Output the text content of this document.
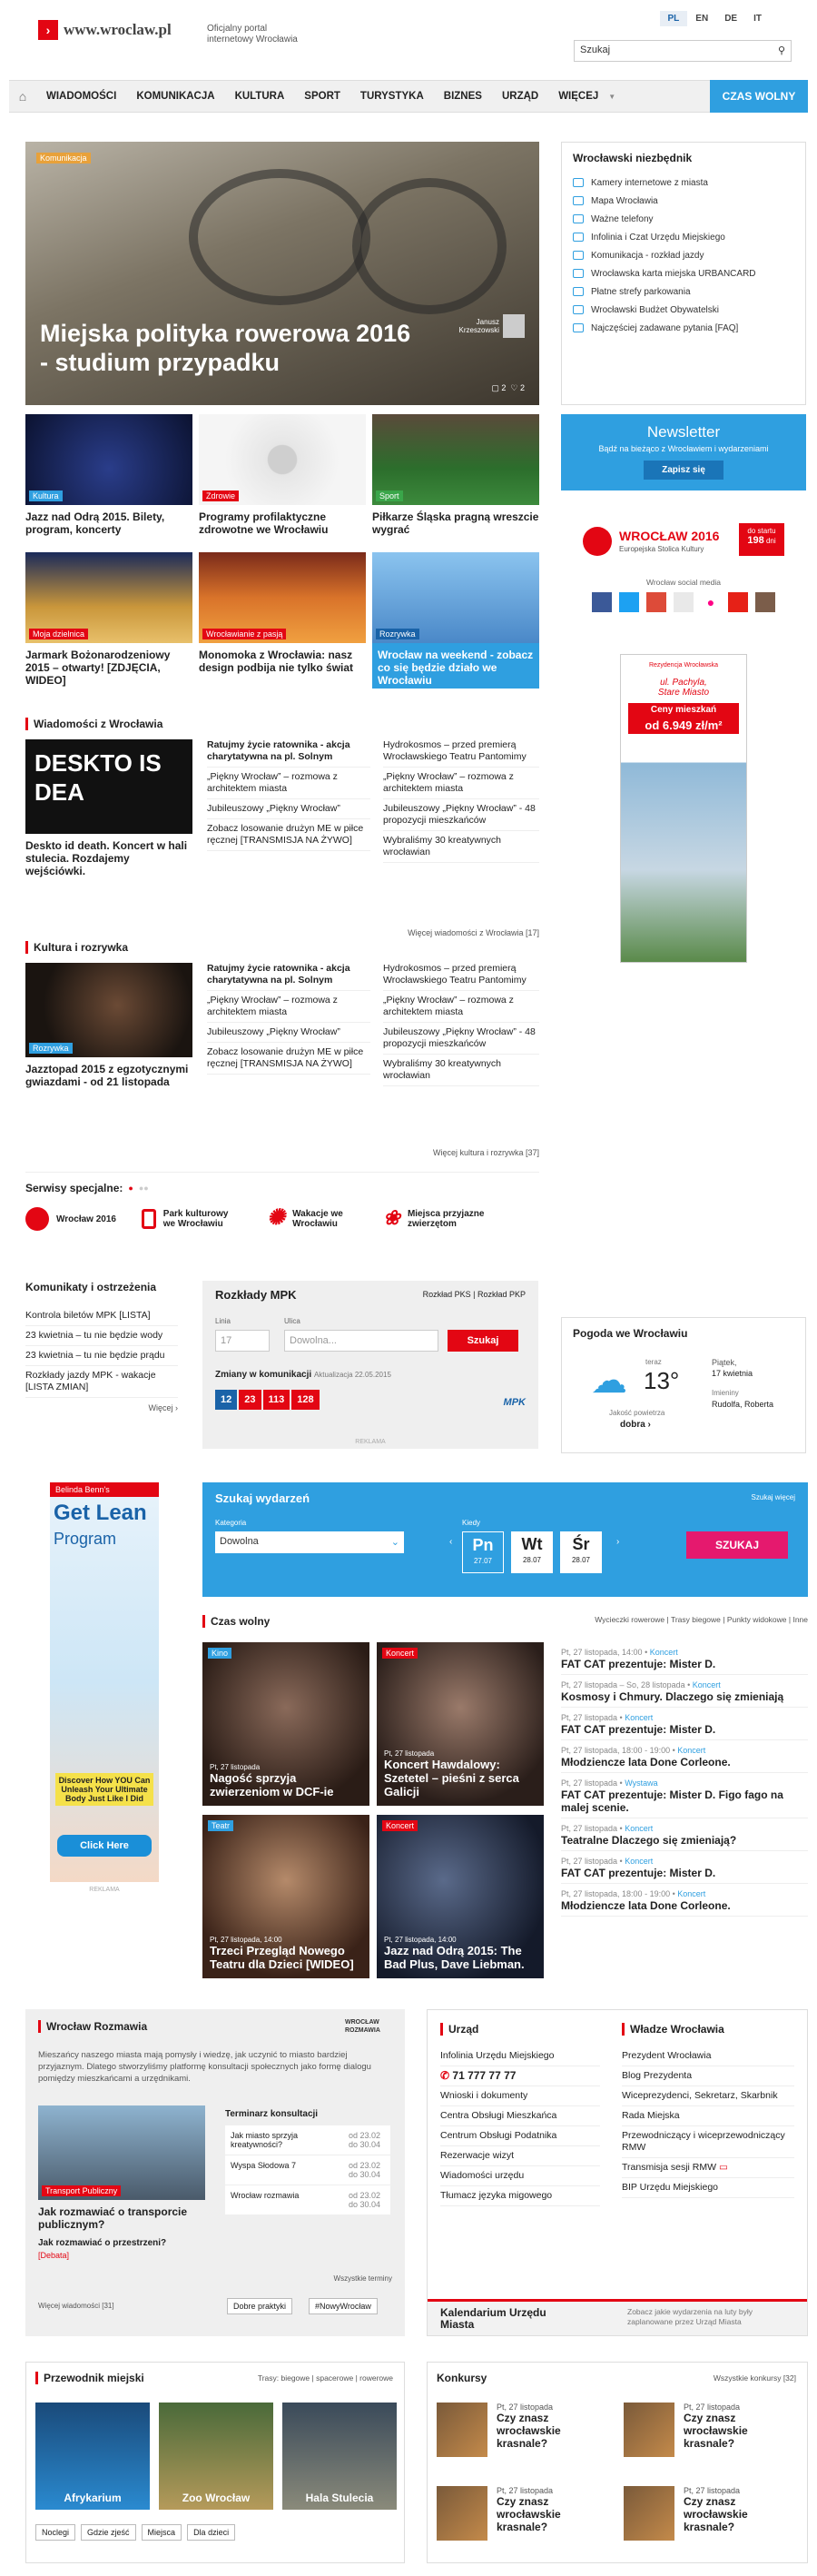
› www.wroclaw.pl	Oficjalny portal internetowy Wrocławia
PL	EN	DE	IT
Szukaj	⚲
⌂	WIADOMOŚCI	KOMUNIKACJA	KULTURA	SPORT	TURYSTYKA	BIZNES	URZĄD	WIĘCEJ	▼	CZAS WOLNY
Komunikacja
Miejska polityka rowerowa 2016 - studium przypadku
Janusz Krzeszowski
▢ 2  ♡ 2
Kultura
Jazz nad Odrą 2015. Bilety, program, koncerty
Zdrowie
Programy profilaktyczne zdrowotne we Wrocławiu
Sport
Piłkarze Śląska pragną wreszcie wygrać
Moja dzielnica
Jarmark Bożonarodzeniowy 2015 – otwarty! [ZDJĘCIA, WIDEO]
Wrocławianie z pasją
Monomoka z Wrocławia: nasz design podbija nie tylko świat
Rozrywka
Wrocław na weekend - zobacz co się będzie działo we Wrocławiu
Wrocławski niezbędnik
Kamery internetowe z miasta
Mapa Wrocławia
Ważne telefony
Infolinia i Czat Urzędu Miejskiego
Komunikacja - rozkład jazdy
Wrocławska karta miejska URBANCARD
Płatne strefy parkowania
Wrocławski Budżet Obywatelski
Najczęściej zadawane pytania [FAQ]
Newsletter
Bądź na bieżąco z Wrocławiem i wydarzeniami
Zapisz się
WROCŁAW 2016
Europejska Stolica Kultury
do startu
198 dni
Wrocław social media
●
Rezydencja Wrocławska
ul. Pachyla,
Stare Miasto
Ceny mieszkań
od 6.949 zł/m²
Wiadomości z Wrocławia
DESKTO IS DEA
Deskto id death. Koncert w hali stulecia. Rozdajemy wejściówki.

Ratujmy życie ratownika - akcja charytatywna na pl. Solnym

„Piękny Wrocław” – rozmowa z architektem miasta

Jubileuszowy „Piękny Wrocław”

Zobacz losowanie drużyn ME w piłce ręcznej [TRANSMISJA NA ŻYWO]

Hydrokosmos – przed premierą Wrocławskiego Teatru Pantomimy

„Piękny Wrocław” – rozmowa z architektem miasta

Jubileuszowy „Piękny Wrocław” - 48 propozycji mieszkańców

Wybraliśmy 30 kreatywnych wrocławian

Więcej wiadomości z Wrocławia [17]
Kultura i rozrywka
Rozrywka
Jazztopad 2015 z egzotycznymi gwiazdami - od 21 listopada

Ratujmy życie ratownika - akcja charytatywna na pl. Solnym

„Piękny Wrocław” – rozmowa z architektem miasta

Jubileuszowy „Piękny Wrocław”

Zobacz losowanie drużyn ME w piłce ręcznej [TRANSMISJA NA ŻYWO]

Hydrokosmos – przed premierą Wrocławskiego Teatru Pantomimy

„Piękny Wrocław” – rozmowa z architektem miasta

Jubileuszowy „Piękny Wrocław” - 48 propozycji mieszkańców

Wybraliśmy 30 kreatywnych wrocławian

Więcej kultura i rozrywka [37]
Serwisy specjalne: ● ●●
Wrocław 2016	Park kulturowy we Wrocławiu	✺ Wakacje we Wrocławiu	❀ Miejsca przyjazne zwierzętom
Komunikaty i ostrzeżenia

Kontrola biletów MPK [LISTA]

23 kwietnia – tu nie będzie wody

23 kwietnia – tu nie będzie prądu

Rozkłady jazdy MPK - wakacje [LISTA ZMIAN]

Więcej ›
Rozkłady MPK	Rozkład PKS | Rozkład PKP
Linia
17
Ulica
Dowolna...	Szukaj
Zmiany w komunikacji Aktualizacja 22.05.2015
12	23	113	128	MPK
REKLAMA
Pogoda we Wrocławiu
☁	teraz
13°
Piątek,
17 kwietnia
Imieniny
Rudolfa, Roberta
Jakość powietrza
dobra ›
Belinda Benn's
Get Lean
Program
Discover How YOU Can Unleash Your Ultimate Body Just Like I Did
Click Here
REKLAMA
Szukaj wydarzeń	Szukaj więcej
Kategoria
Dowolna	⌄
Kiedy
‹	Pn
27.07
Wt
28.07
Śr
28.07
›	SZUKAJ
Czas wolny	Wycieczki rowerowe | Trasy biegowe | Punkty widokowe | Inne
Kino
Pt, 27 listopada
Nagość sprzyja zwierzeniom w DCF-ie
Koncert
Pt, 27 listopada
Koncert Hawdalowy: Szetetel – pieśni z serca Galicji
Teatr
Pt, 27 listopada, 14:00
Trzeci Przegląd Nowego Teatru dla Dzieci [WIDEO]
Koncert
Pt, 27 listopada, 14:00
Jazz nad Odrą 2015: The Bad Plus, Dave Liebman.

Pt, 27 listopada, 14:00 • Koncert

FAT CAT prezentuje: Mister D.

Pt, 27 listopada – So, 28 listopada • Koncert

Kosmosy i Chmury. Dlaczego się zmieniają

Pt, 27 listopada • Koncert

FAT CAT prezentuje: Mister D.

Pt, 27 listopada, 18:00 - 19:00 • Koncert

Młodziencze lata Done Corleone.

Pt, 27 listopada • Wystawa

FAT CAT prezentuje: Mister D. Figo fago na malej scenie.

Pt, 27 listopada • Koncert

Teatralne Dlaczego się zmieniają?

Pt, 27 listopada • Koncert

FAT CAT prezentuje: Mister D.

Pt, 27 listopada, 18:00 - 19:00 • Koncert

Młodziencze lata Done Corleone.

Wrocław Rozmawia	WROCŁAW ROZMAWIA
Mieszańcy naszego miasta mają pomysły i wiedzę, jak uczynić to miasto bardziej przyjaznym. Dlatego stworzyliśmy platformę konsultacji społecznych jako formę dialogu pomiędzy mieszkańcami a urzędnikami.
Transport Publiczny
Jak rozmawiać o transporcie publicznym?
Jak rozmawiać o przestrzeni?
[Debata]
Terminarz konsultacji
Jak miasto sprzyja kreatywności?
od 23.02 do 30.04
Wyspa Słodowa 7	od 23.02 do 30.04
Wrocław rozmawia	od 23.02 do 30.04
Wszystkie terminy
Więcej wiadomości [31]	Dobre praktyki	#NowyWrocław
Urząd

Infolinia Urzędu Miejskiego

✆ 71 777 77 77

Wnioski i dokumenty

Centra Obsługi Mieszkańca

Centrum Obsługi Podatnika

Rezerwacje wizyt

Wiadomości urzędu

Tłumacz języka migowego

Władze Wrocławia

Prezydent Wrocławia

Blog Prezydenta

Wiceprezydenci, Sekretarz, Skarbnik

Rada Miejska

Przewodniczący i wiceprzewodniczący RMW

Transmisja sesji RMW ▭

BIP Urzędu Miejskiego

Kalendarium Urzędu Miasta
Zobacz jakie wydarzenia na luty były zaplanowane przez Urząd Miasta
Przewodnik miejski	Trasy: biegowe | spacerowe | rowerowe
Afrykarium	Zoo Wrocław	Hala Stulecia
Noclegi	Gdzie zjeść	Miejsca	Dla dzieci
Konkursy	Wszystkie konkursy [32]
Pt, 27 listopada
Czy znasz wrocławskie krasnale?
Pt, 27 listopada
Czy znasz wrocławskie krasnale?
Pt, 27 listopada
Czy znasz wrocławskie krasnale?
Pt, 27 listopada
Czy znasz wrocławskie krasnale?
